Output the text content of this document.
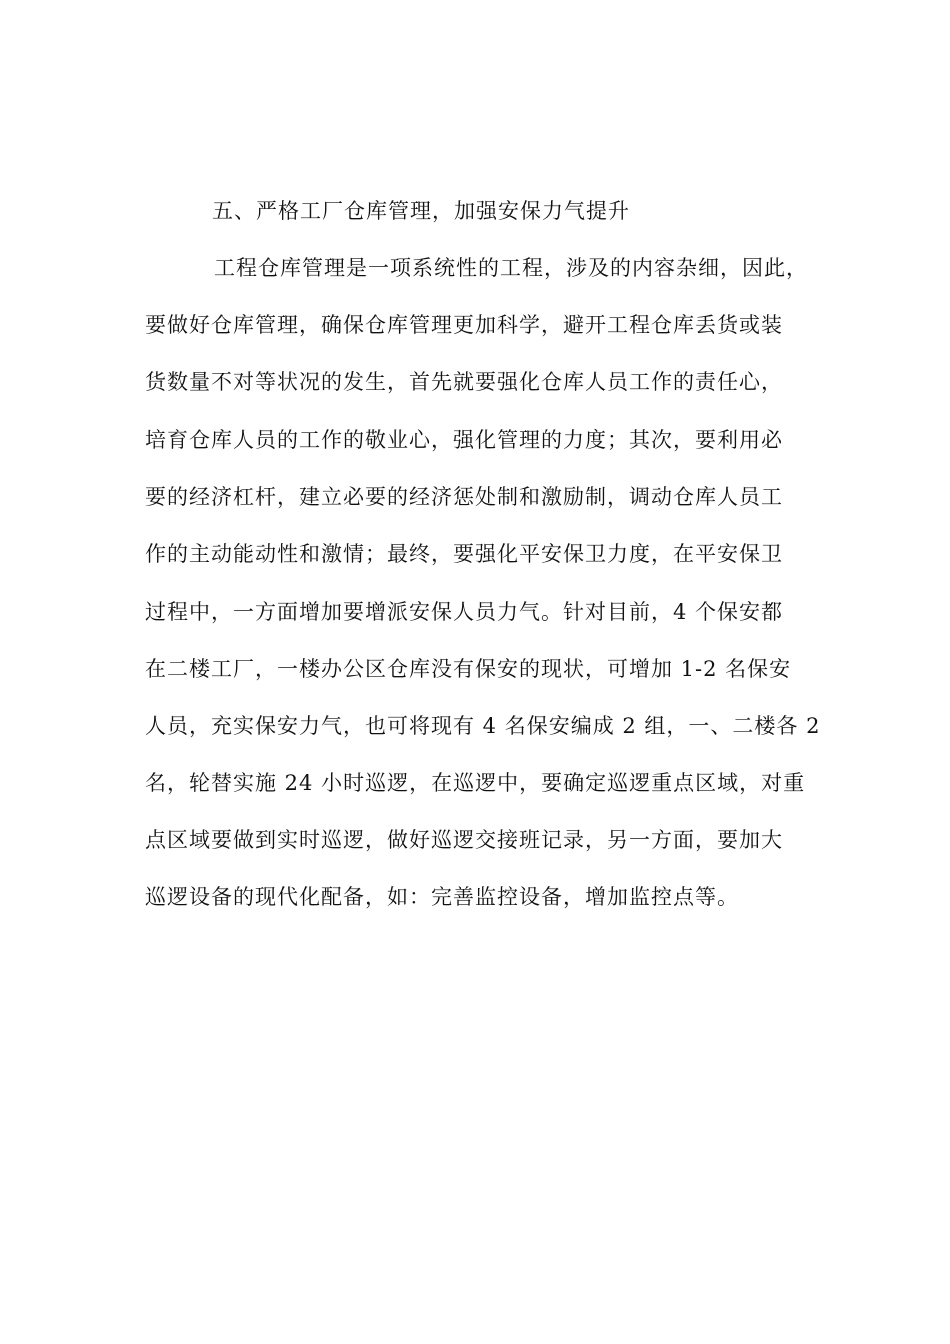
五、严格工厂仓库管理，加强安保力气提升
工程仓库管理是一项系统性的工程，涉及的内容杂细，因此，
要做好仓库管理，确保仓库管理更加科学，避开工程仓库丢货或装
货数量不对等状况的发生，首先就要强化仓库人员工作的责任心，
培育仓库人员的工作的敬业心，强化管理的力度；其次，要利用必
要的经济杠杆，建立必要的经济惩处制和激励制，调动仓库人员工
作的主动能动性和激情；最终，要强化平安保卫力度，在平安保卫
过程中，一方面增加要增派安保人员力气。针对目前，4 个保安都
在二楼工厂，一楼办公区仓库没有保安的现状，可增加 1-2 名保安
人员，充实保安力气，也可将现有 4 名保安编成 2 组，一、二楼各 2
名，轮替实施 24 小时巡逻，在巡逻中，要确定巡逻重点区域，对重
点区域要做到实时巡逻，做好巡逻交接班记录，另一方面，要加大
巡逻设备的现代化配备，如：完善监控设备，增加监控点等。
